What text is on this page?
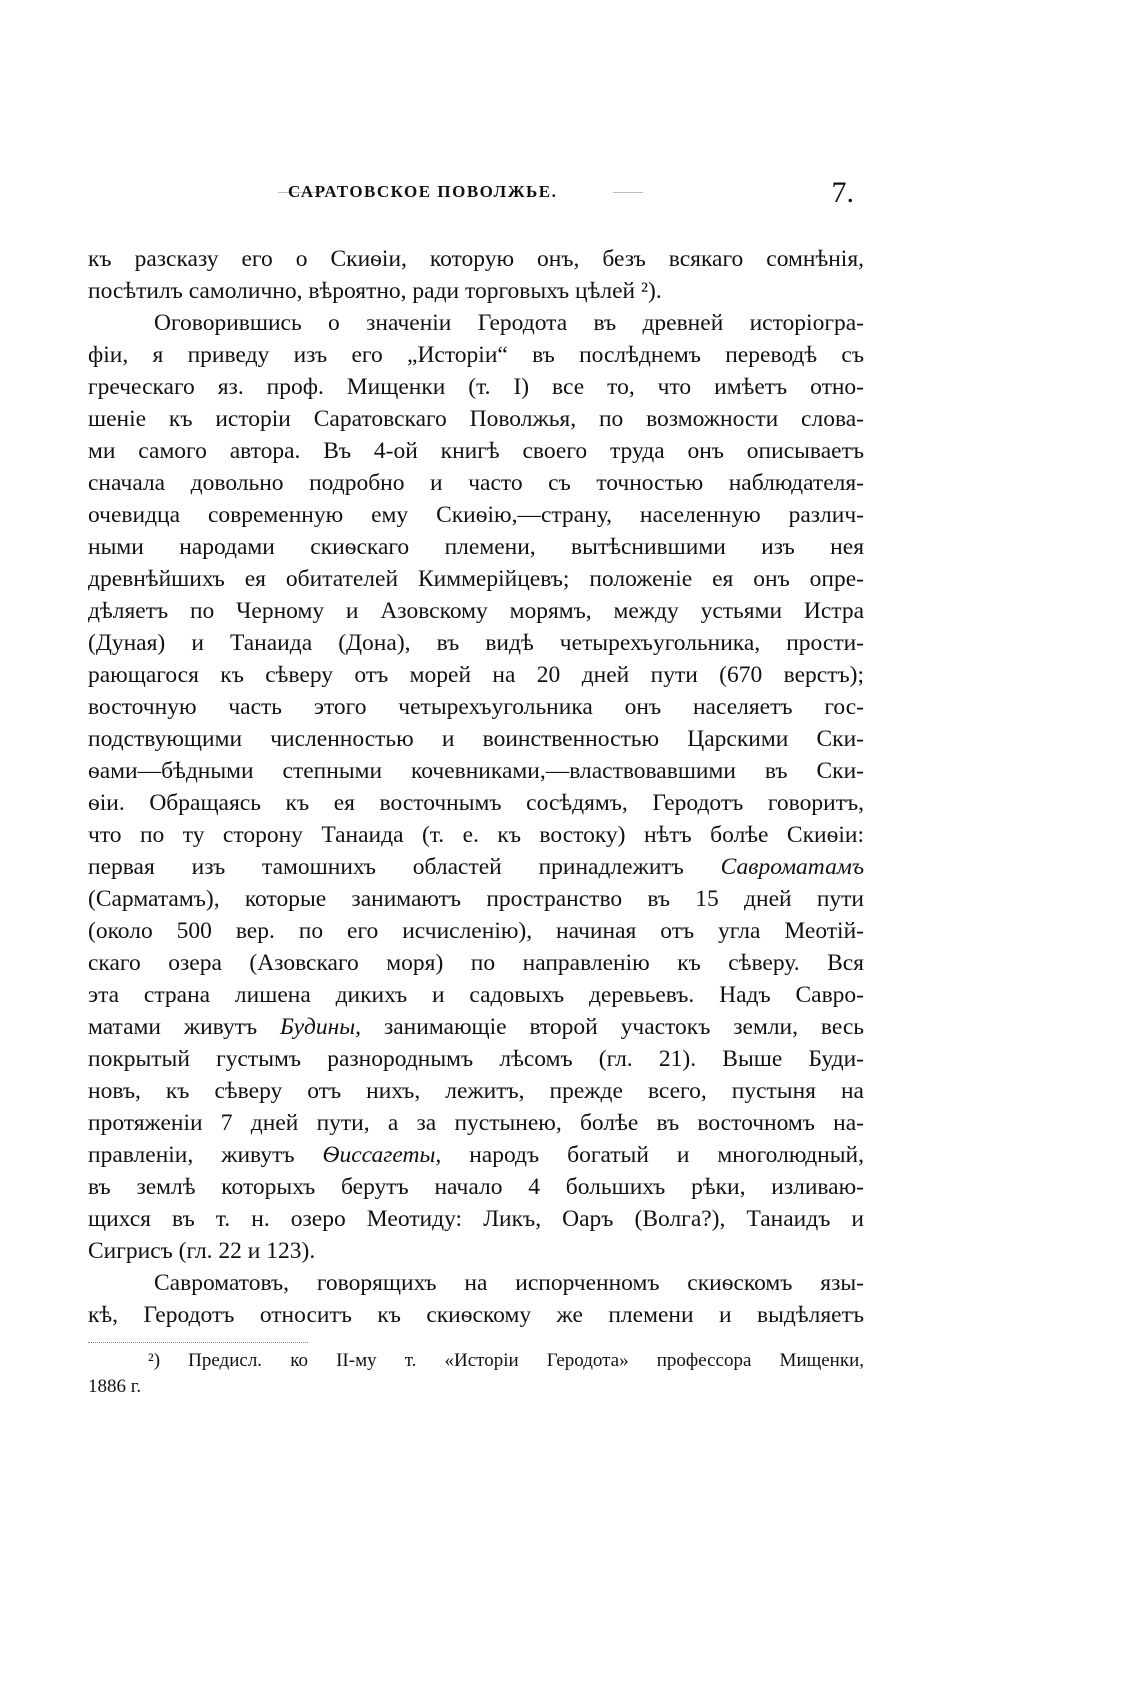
САРАТОВСКОЕ ПОВОЛЖЬЕ.	7.
къ разсказу его о Скиѳіи, которую онъ, безъ всякаго сомнѣнія,
посѣтилъ самолично, вѣроятно, ради торговыхъ цѣлей ²).
Оговорившись о значеніи Геродота въ древней исторіогра-
фіи, я приведу изъ его „Исторіи“ въ послѣднемъ переводѣ съ
греческаго яз. проф. Мищенки (т. I) все то, что имѣетъ отно-
шеніе къ исторіи Саратовскаго Поволжья, по возможности слова-
ми самого автора. Въ 4-ой книгѣ своего труда онъ описываетъ
сначала довольно подробно и часто съ точностью наблюдателя-
очевидца современную ему Скиѳію,—страну, населенную различ-
ными народами скиѳскаго племени, вытѣснившими изъ нея
древнѣйшихъ ея обитателей Киммерійцевъ; положеніе ея онъ опре-
дѣляетъ по Черному и Азовскому морямъ, между устьями Истра
(Дуная) и Танаида (Дона), въ видѣ четырехъугольника, прости-
рающагося къ сѣверу отъ морей на 20 дней пути (670 верстъ);
восточную часть этого четырехъугольника онъ населяетъ гос-
подствующими численностью и воинственностью Царскими Ски-
ѳами—бѣдными степными кочевниками,—властвовавшими въ Ски-
ѳіи. Обращаясь къ ея восточнымъ сосѣдямъ, Геродотъ говоритъ,
что по ту сторону Танаида (т. е. къ востоку) нѣтъ болѣе Скиѳіи:
первая изъ тамошнихъ областей принадлежитъ Савроматамъ
(Сарматамъ), которые занимаютъ пространство въ 15 дней пути
(около 500 вер. по его исчисленію), начиная отъ угла Меотій-
скаго озера (Азовскаго моря) по направленію къ сѣверу. Вся
эта страна лишена дикихъ и садовыхъ деревьевъ. Надъ Савро-
матами живутъ Будины, занимающіе второй участокъ земли, весь
покрытый густымъ разнороднымъ лѣсомъ (гл. 21). Выше Буди-
новъ, къ сѣверу отъ нихъ, лежитъ, прежде всего, пустыня на
протяженіи 7 дней пути, а за пустынею, болѣе въ восточномъ на-
правленіи, живутъ Ѳиссагеты, народъ богатый и многолюдный,
въ землѣ которыхъ берутъ начало 4 большихъ рѣки, изливаю-
щихся въ т. н. озеро Меотиду: Ликъ, Оаръ (Волга?), Танаидъ и
Сигрисъ (гл. 22 и 123).
Савроматовъ, говорящихъ на испорченномъ скиѳскомъ язы-
кѣ, Геродотъ относитъ къ скиѳскому же племени и выдѣляетъ
²) Предисл. ко II-му т. «Исторіи Геродота» профессора Мищенки,
1886 г.
